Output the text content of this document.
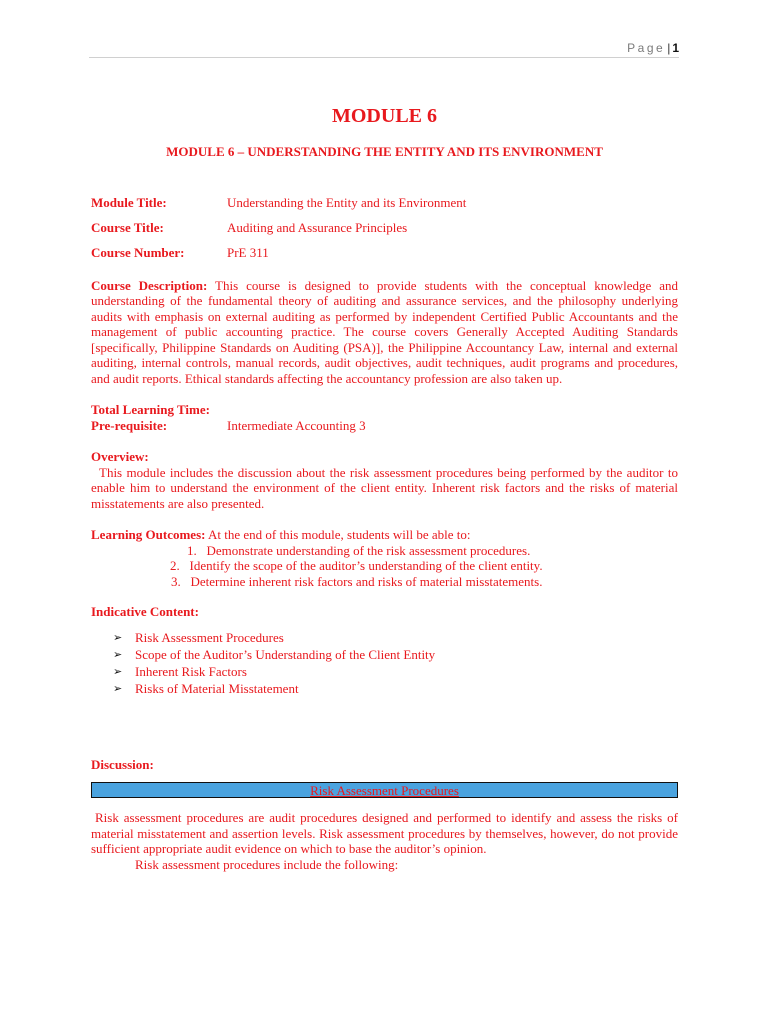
Page | 1
MODULE 6
MODULE 6 – UNDERSTANDING THE ENTITY AND ITS ENVIRONMENT
Module Title:	Understanding the Entity and its Environment
Course Title:	Auditing and Assurance Principles
Course Number:	PrE 311

Course Description: This course is designed to provide students with the conceptual knowledge and understanding of the fundamental theory of auditing and assurance services, and the philosophy underlying audits with emphasis on external auditing as performed by independent Certified Public Accountants and the management of public accounting practice. The course covers Generally Accepted Auditing Standards [specifically, Philippine Standards on Auditing (PSA)], the Philippine Accountancy Law, internal and external auditing, internal controls, manual records, audit objectives, audit techniques, audit programs and procedures, and audit reports. Ethical standards affecting the accountancy profession are also taken up.

Total Learning Time:
Pre-requisite:	Intermediate Accounting 3
Overview:

This module includes the discussion about the risk assessment procedures being performed by the auditor to enable him to understand the environment of the client entity. Inherent risk factors and the risks of material misstatements are also presented.

Learning Outcomes: At the end of this module, students will be able to:
1. Demonstrate understanding of the risk assessment procedures.
2. Identify the scope of the auditor’s understanding of the client entity.
3. Determine inherent risk factors and risks of material misstatements.
Indicative Content:
➢ Risk Assessment Procedures
➢ Scope of the Auditor’s Understanding of the Client Entity
➢ Inherent Risk Factors
➢ Risks of Material Misstatement
Discussion:
Risk Assessment Procedures

Risk assessment procedures are audit procedures designed and performed to identify and assess the risks of material misstatement and assertion levels. Risk assessment procedures by themselves, however, do not provide sufficient appropriate audit evidence on which to base the auditor’s opinion.

Risk assessment procedures include the following:
